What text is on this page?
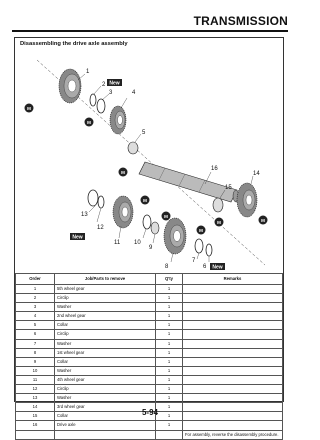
TRANSMISSION
Disassembling the drive axle assembly
M
M
M
M
M
M
M	M
1
2
3	4
5
16
15
14
13
12
11 10
9
8
7
6
New
New
New
Order	Job/Parts to remove	Q'ty	Remarks
1	5th wheel gear	1	
2	Circlip	1	
3	Washer	1	
4	2nd wheel gear	1	
5	Collar	1	
6	Circlip	1	
7	Washer	1	
8	1st wheel gear	1	
9	Collar	1	
10	Washer	1	
11	4th wheel gear	1	
12	Circlip	1	
13	Washer	1	
14	3rd wheel gear	1	
15	Collar	1	
16	Drive axle	1	
			For assembly, reverse the disassembly procedure.
5-94
